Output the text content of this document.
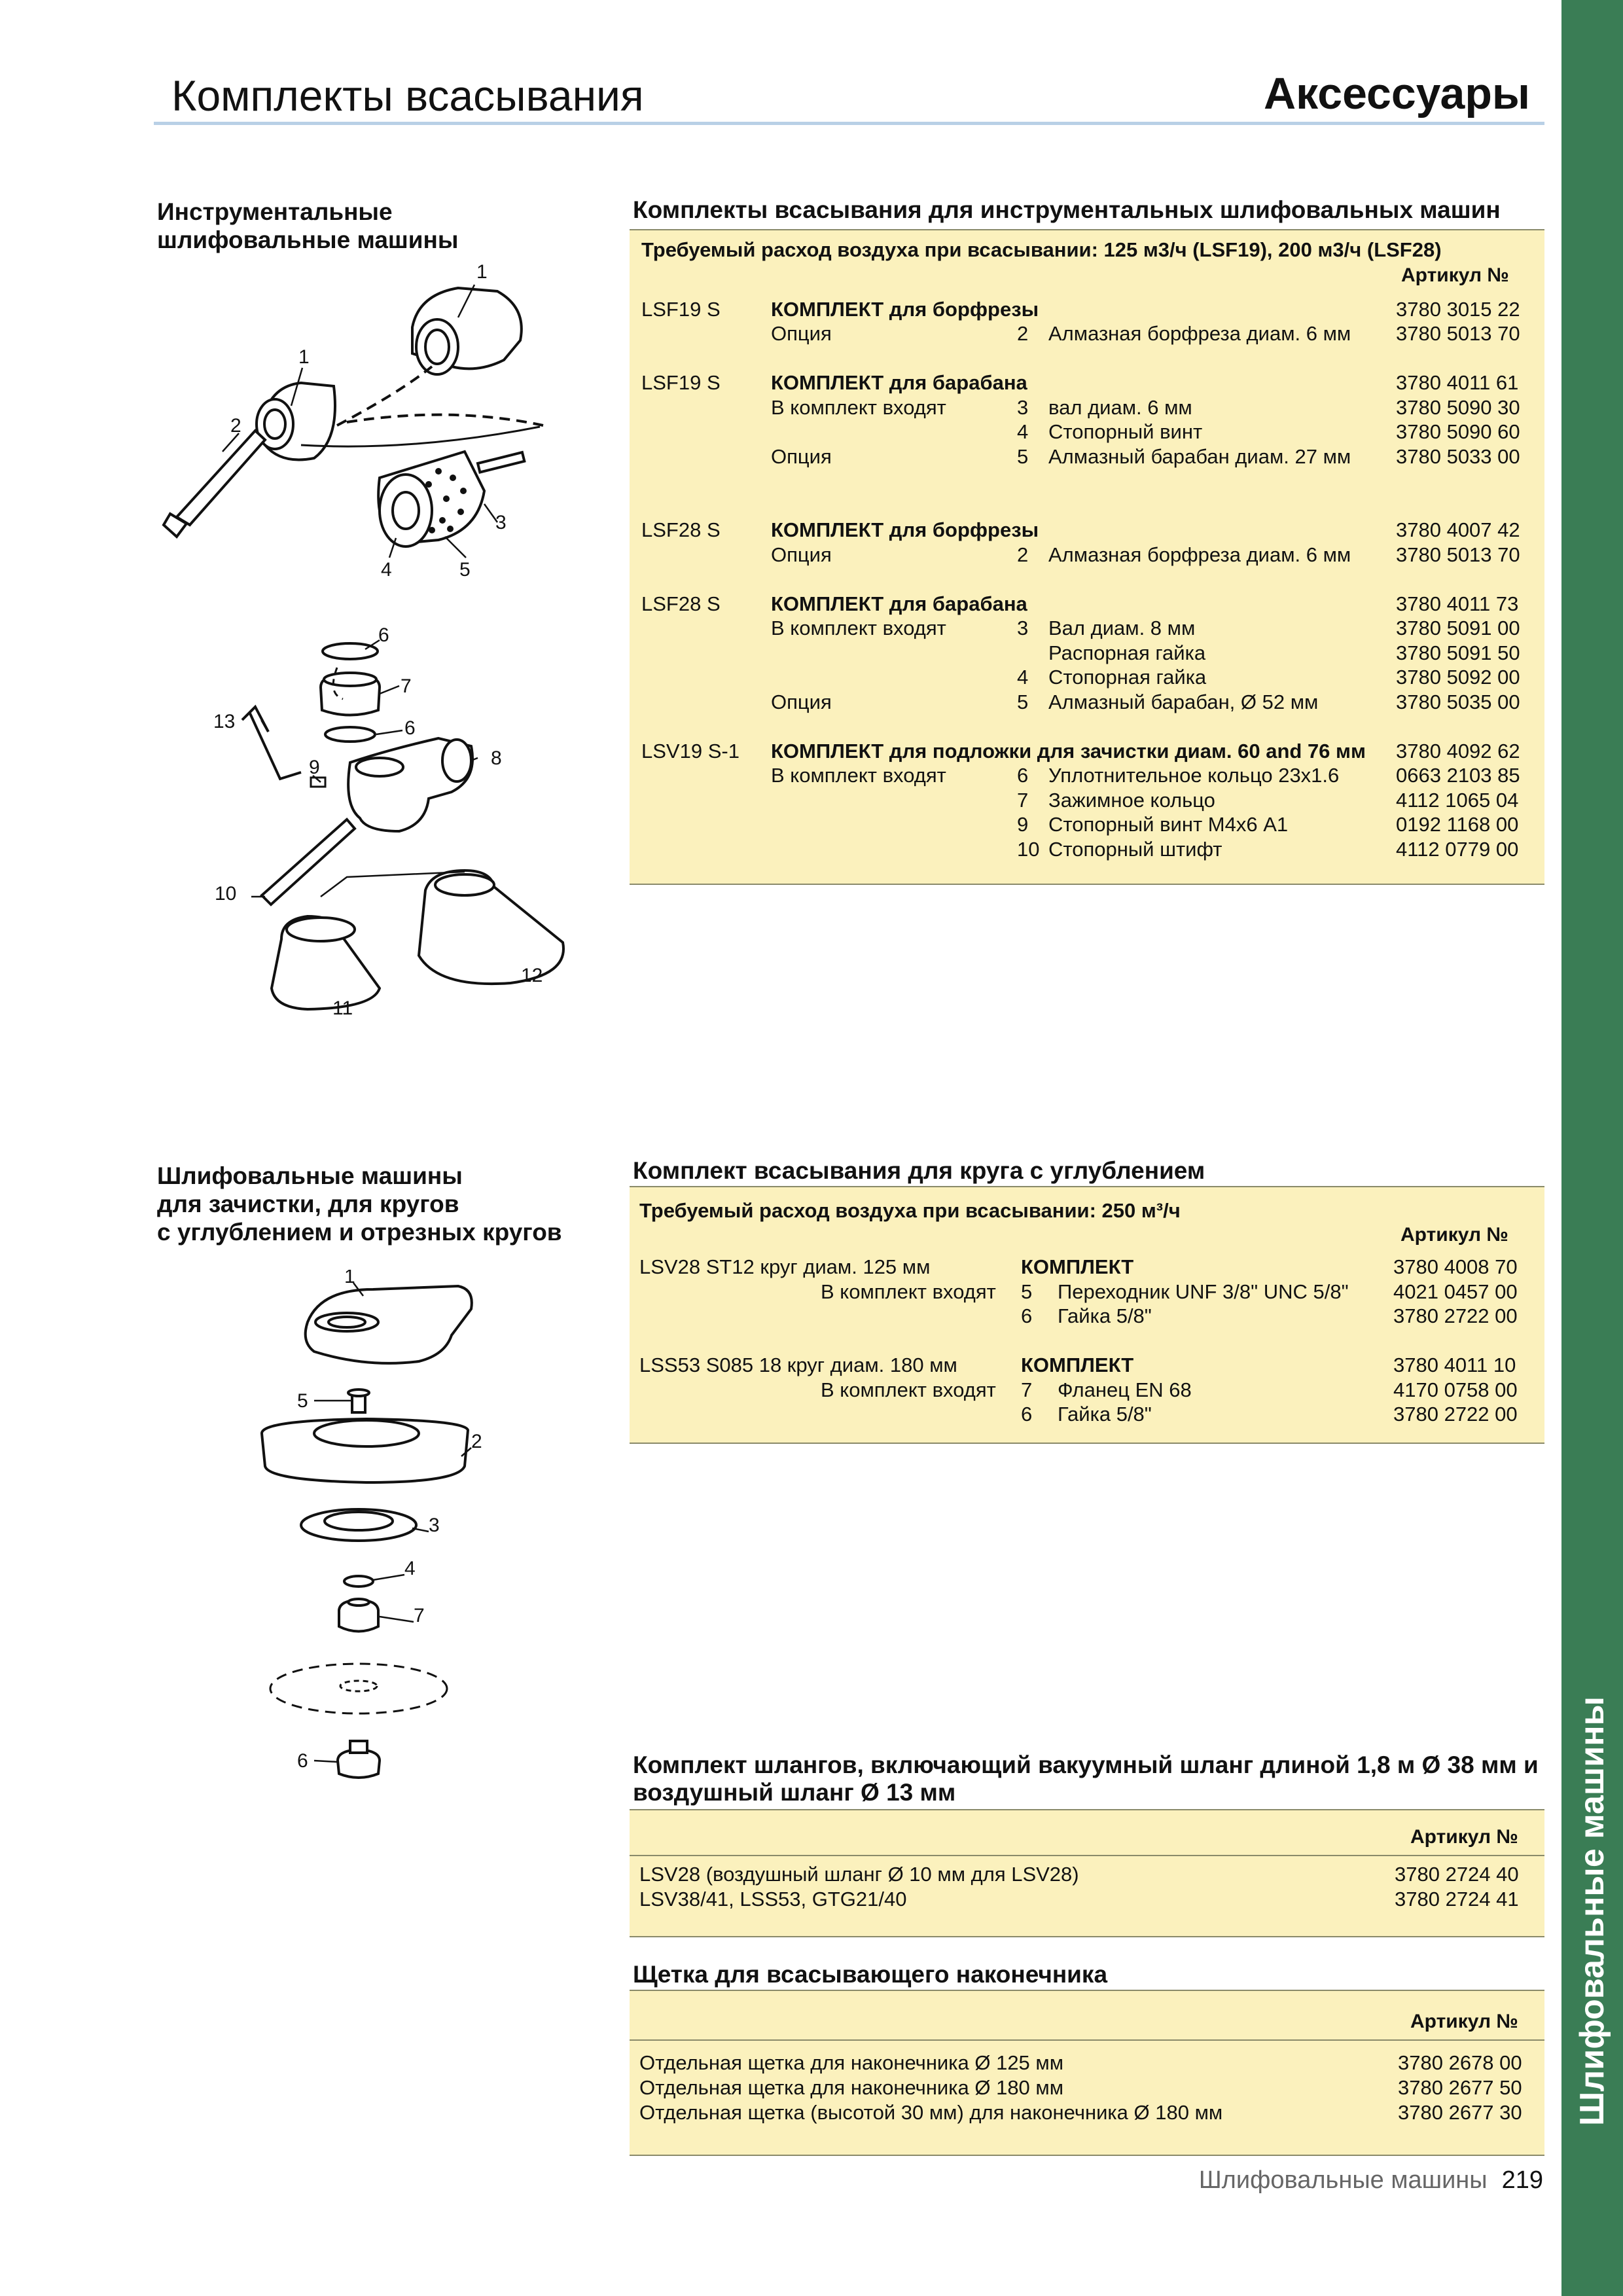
Шлифовальные машины
Комплекты всасывания	Аксессуары
Инструментальные
шлифовальные машины
Комплекты всасывания для инструментальных шлифовальных машин
Требуемый расход воздуха при всасывании: 125 м3/ч (LSF19), 200 м3/ч (LSF28)
Артикул №
LSF19 S КОМПЛЕКТ для борфрезы	3780 3015 22
Опция	2 Алмазная борфреза диам. 6 мм 3780 5013 70
LSF19 S КОМПЛЕКТ для барабана	3780 4011 61
В комплект входят	3 вал диам. 6 мм	3780 5090 30
4 Стопорный винт	3780 5090 60
Опция	5 Алмазный барабан диам. 27 мм 3780 5033 00
LSF28 S КОМПЛЕКТ для борфрезы	3780 4007 42
Опция	2 Алмазная борфреза диам. 6 мм 3780 5013 70
LSF28 S КОМПЛЕКТ для барабана	3780 4011 73
В комплект входят	3 Вал диам. 8 мм	3780 5091 00
Распорная гайка	3780 5091 50
4 Стопорная гайка	3780 5092 00
Опция	5 Алмазный барабан, Ø 52 мм	3780 5035 00
LSV19 S-1 КОМПЛЕКТ для подложки для зачистки диам. 60 and 76 мм 3780 4092 62
В комплект входят	6 Уплотнительное кольцо 23х1.6	0663 2103 85
7 Зажимное кольцо	4112 1065 04
9 Стопорный винт М4х6 А1	0192 1168 00
10 Стопорный штифт	4112 0779 00
Шлифовальные машины
для зачистки, для кругов
с углублением и отрезных кругов
Комплект всасывания для круга с углублением
Требуемый расход воздуха при всасывании: 250 м³/ч
Артикул №
LSV28 ST12 круг диам. 125 мм	КОМПЛЕКТ	3780 4008 70
В комплект входят 5 Переходник UNF 3/8" UNC 5/8" 4021 0457 00
6 Гайка 5/8"	3780 2722 00
LSS53 S085 18 круг диам. 180 мм	КОМПЛЕКТ	3780 4011 10
В комплект входят 7 Фланец EN 68	4170 0758 00
6 Гайка 5/8"	3780 2722 00
Комплект шлангов, включающий вакуумный шланг длиной 1,8 м Ø 38 мм и
воздушный шланг Ø 13 мм
Артикул №
LSV28 (воздушный шланг Ø 10 мм для LSV28)	3780 2724 40
LSV38/41, LSS53, GTG21/40	3780 2724 41
Щетка для всасывающего наконечника
Артикул №
Отдельная щетка для наконечника Ø 125 мм	3780 2678 00
Отдельная щетка для наконечника Ø 180 мм	3780 2677 50
Отдельная щетка (высотой 30 мм) для наконечника Ø 180 мм	3780 2677 30
Шлифовальные машины 219
1
1
2
3
4	5
6
7
6
8
9
13
10
11
12
1
5
2
3
4
7
6
